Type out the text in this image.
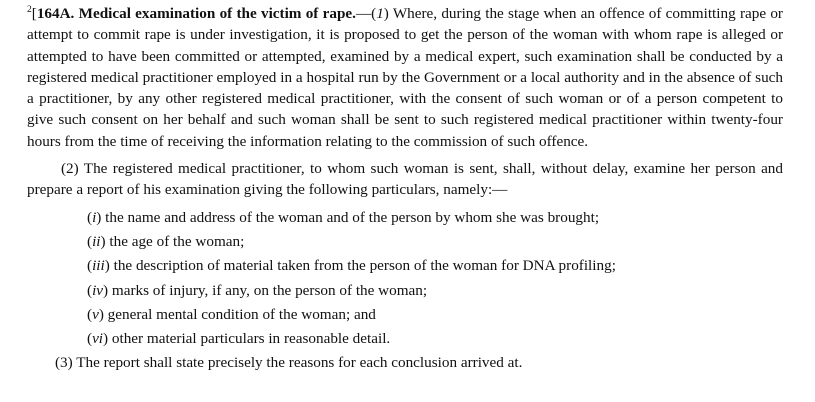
$^2$[164A. Medical examination of the victim of rape.—(1) Where, during the stage when an offence of committing rape or attempt to commit rape is under investigation, it is proposed to get the person of the woman with whom rape is alleged or attempted to have been committed or attempted, examined by a medical expert, such examination shall be conducted by a registered medical practitioner employed in a hospital run by the Government or a local authority and in the absence of such a practitioner, by any other registered medical practitioner, with the consent of such woman or of a person competent to give such consent on her behalf and such woman shall be sent to such registered medical practitioner within twenty-four hours from the time of receiving the information relating to the commission of such offence.

(2) The registered medical practitioner, to whom such woman is sent, shall, without delay, examine her person and prepare a report of his examination giving the following particulars, namely:—

(i) the name and address of the woman and of the person by whom she was brought;

(ii) the age of the woman;

(iii) the description of material taken from the person of the woman for DNA profiling;

(iv) marks of injury, if any, on the person of the woman;

(v) general mental condition of the woman; and

(vi) other material particulars in reasonable detail.

(3) The report shall state precisely the reasons for each conclusion arrived at.
